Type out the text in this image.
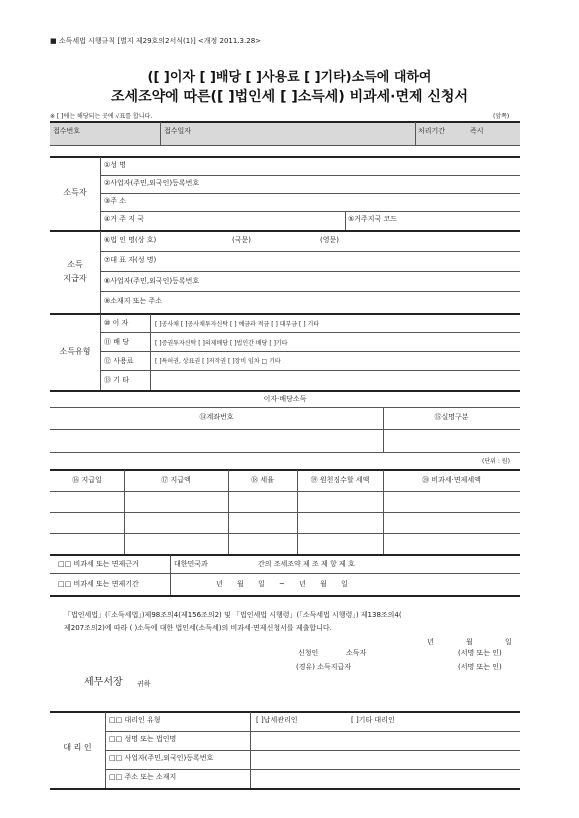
■ 소득세법 시행규칙 [별지 제29호의2서식(1)] <개정 2011.3.28>
([ ]이자 [ ]배당 [ ]사용료 [ ]기타)소득에 대하여
조세조약에 따른([ ]법인세 [ ]소득세) 비과세·면제 신청서
※ [ ]에는 해당되는 곳에 √표를 합니다.	(앞쪽)
접수번호	접수일자	처리기간	즉시
소득자
①성 명
②사업자(주민,외국인)등록번호
③주 소
④거 주 지 국	⑤거주지국 코드
소득
지급자
⑥법 인 명(상 호)	(국문)	(영문)
⑦대 표 자(성 명)
⑧사업자(주민,외국인)등록번호
⑨소재지 또는 주소
소득유형
⑩ 이 자	[ ]공사채 [ ]공사채투자신탁 [ ] 예금과 적금 [ ] 대부금 [ ] 기타
⑪ 배 당	[ ]증권투자신탁 [ ]의제배당 [ ]법인간 배당 [ ]기타
⑫ 사용료	[ ]특허권, 상표권 [ ]저작권 [ ]장비 임차 □ 기타
⑬ 기 타
이자·배당소득
⑭계좌번호	⑮실명구분
(단위 : 원)
⑯ 지급일	⑰ 지급액	⑱ 세율	⑲ 원천징수할 세액	⑳ 비과세·면제세액
□□ 비과세 또는 면제근거	대한민국과	간의 조세조약 제 조 제 항 제 호
□□ 비과세 또는 면제기간	년 월 일 ~ 년 월 일
「법인세법」(「소득세법」)제98조의4(제156조의2) 및 「법인세법 시행령」(「소득세법 시행령」) 제138조의4(
제207조의2)에 따라 ( )소득에 대한 법인세(소득세)의 비과세·면제신청서를 제출합니다.
년 월 일
신청인	소득자	(서명 또는 인)
(경유) 소득지급자	(서명 또는 인)
세무서장 귀하
대 리 인
□□ 대리인 유형	[ ]납세관리인	[ ]기타 대리인
□□ 성명 또는 법인명
□□ 사업자(주민,외국인)등록번호
□□ 주소 또는 소재지
